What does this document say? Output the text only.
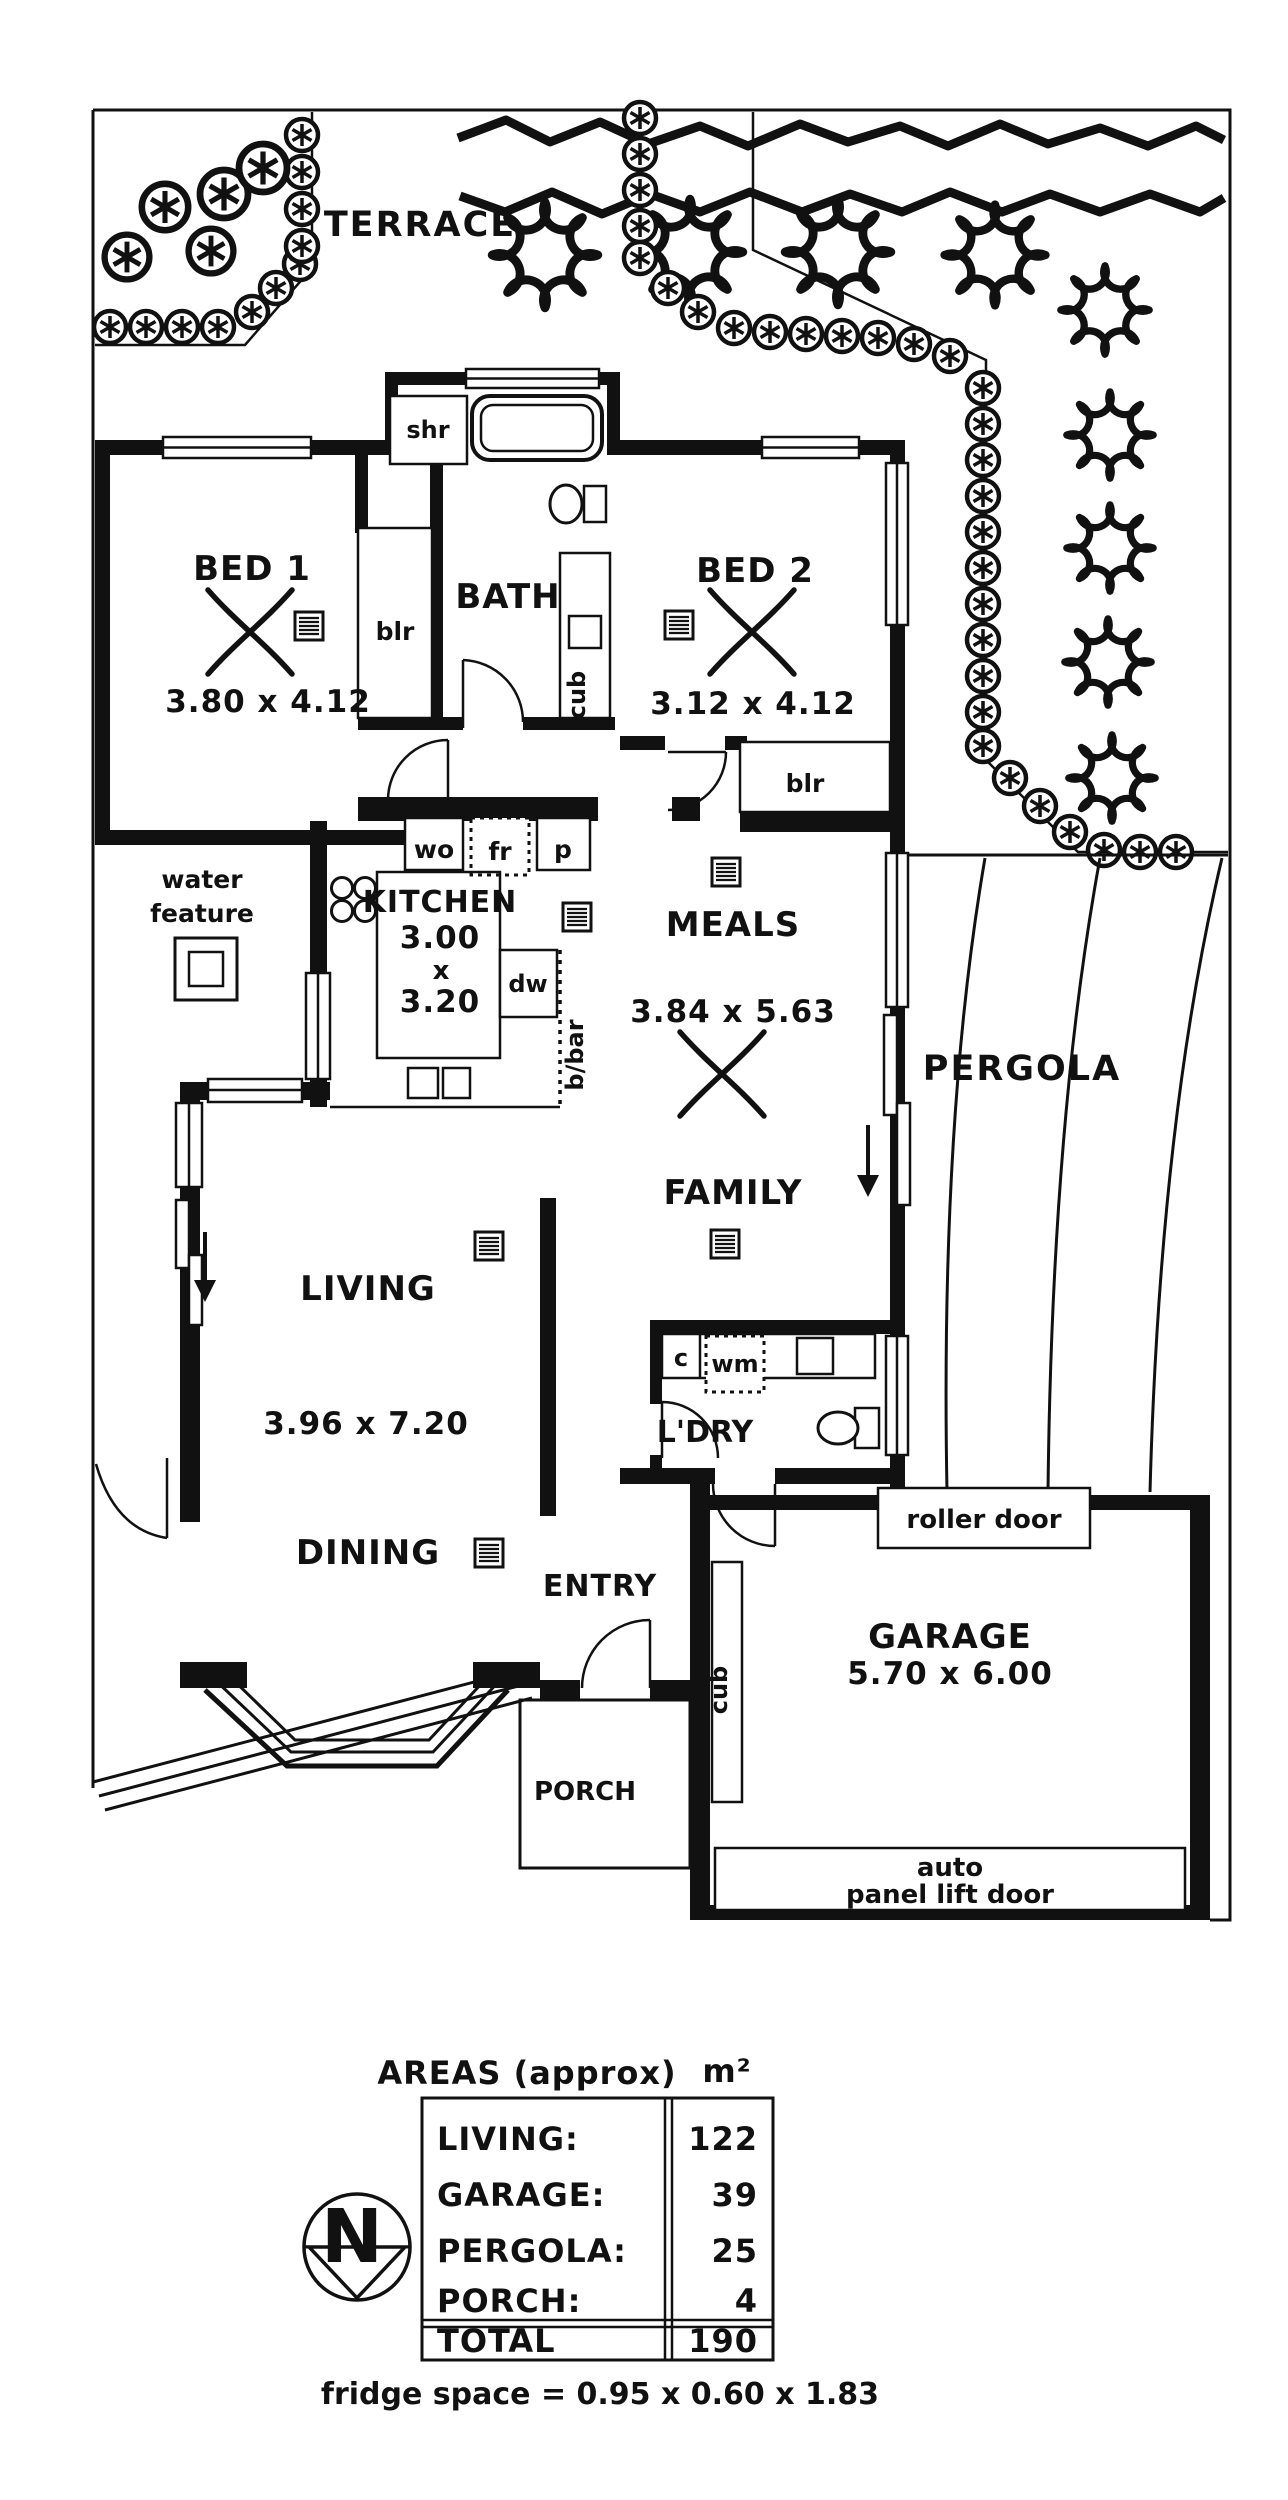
TERRACE
PERGOLA
water
feature
PORCH
roller door
auto
panel lift door
shr
cub
blr
blr
wo fr p
KITCHEN
3.00
x
3.20 dw
b/bar
c wm
L'DRY
cub
BED 1
3.80 x 4.12
BATH
BED 2
3.12 x 4.12
MEALS
3.84 x 5.63
FAMILY
LIVING
3.96 x 7.20
DINING
ENTRY
GARAGE
5.70 x 6.00
AREAS (approx) m²
LIVING:	122
GARAGE:	39
PERGOLA:	25
PORCH:	4
TOTAL	190
fridge space = 0.95 x 0.60 x 1.83
N
